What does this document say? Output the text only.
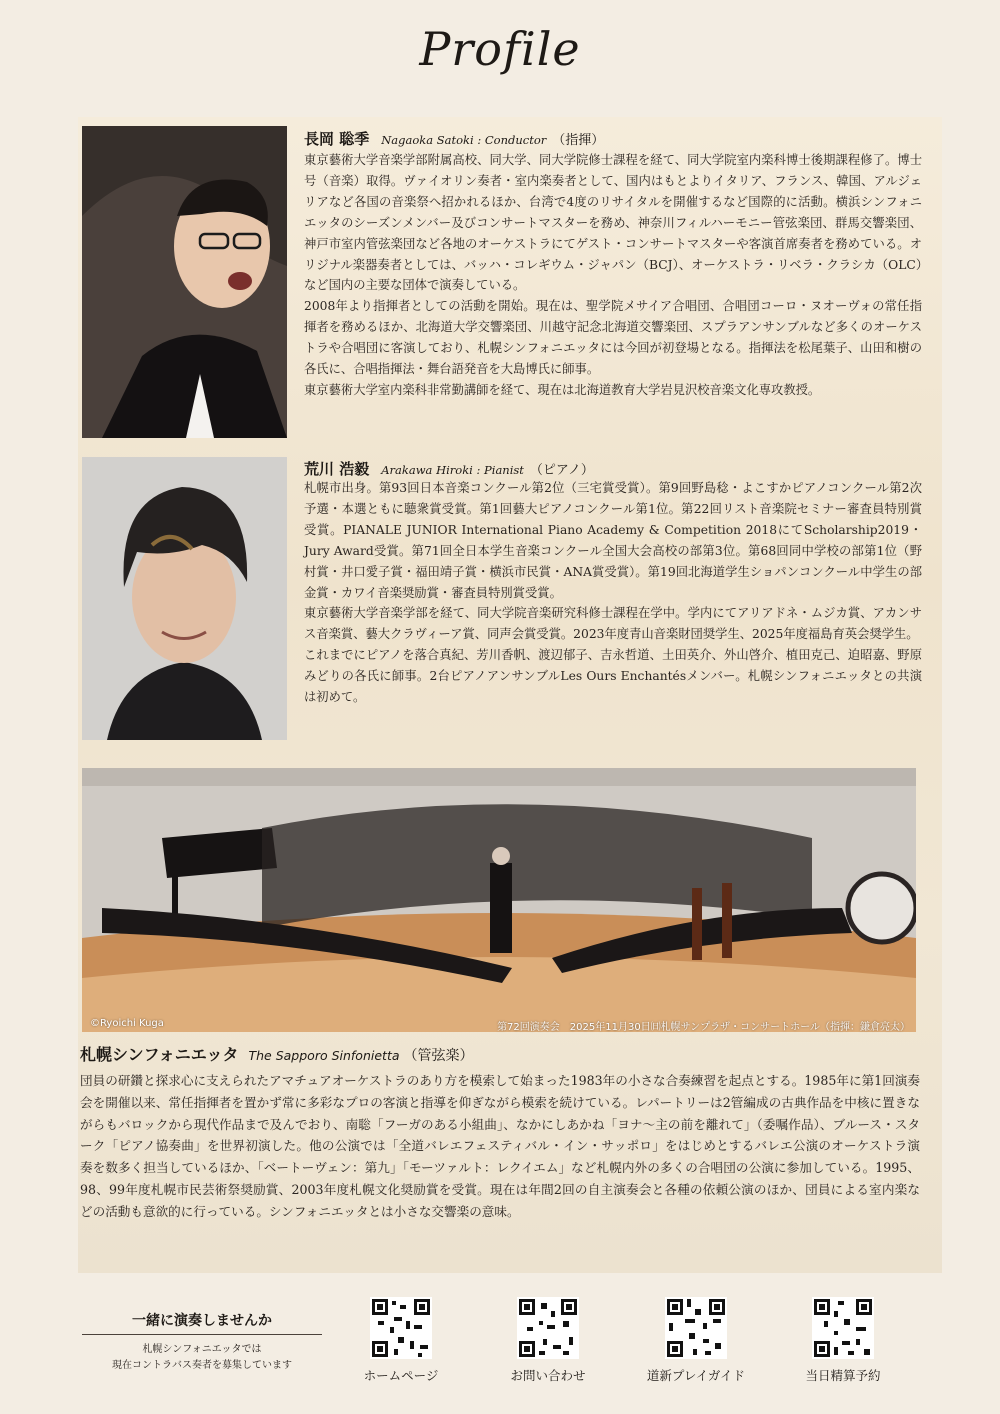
Profile
長岡 聡季 Nagaoka Satoki : Conductor （指揮）

東京藝術大学音楽学部附属高校、同大学、同大学院修士課程を経て、同大学院室内楽科博士後期課程修了。博士号（音楽）取得。ヴァイオリン奏者・室内楽奏者として、国内はもとよりイタリア、フランス、韓国、アルジェリアなど各国の音楽祭へ招かれるほか、台湾で4度のリサイタルを開催するなど国際的に活動。横浜シンフォニエッタのシーズンメンバー及びコンサートマスターを務め、神奈川フィルハーモニー管弦楽団、群馬交響楽団、神戸市室内管弦楽団など各地のオーケストラにてゲスト・コンサートマスターや客演首席奏者を務めている。オリジナル楽器奏者としては、バッハ・コレギウム・ジャパン（BCJ）、オーケストラ・リベラ・クラシカ（OLC）など国内の主要な団体で演奏している。

2008年より指揮者としての活動を開始。現在は、聖学院メサイア合唱団、合唱団コーロ・ヌオーヴォの常任指揮者を務めるほか、北海道大学交響楽団、川越守記念北海道交響楽団、スプラアンサンブルなど多くのオーケストラや合唱団に客演しており、札幌シンフォニエッタには今回が初登場となる。指揮法を松尾葉子、山田和樹の各氏に、合唱指揮法・舞台語発音を大島博氏に師事。

東京藝術大学室内楽科非常勤講師を経て、現在は北海道教育大学岩見沢校音楽文化専攻教授。

荒川 浩毅 Arakawa Hiroki : Pianist （ピアノ）

札幌市出身。第93回日本音楽コンクール第2位（三宅賞受賞）。第9回野島稔・よこすかピアノコンクール第2次予選・本選ともに聴衆賞受賞。第1回藝大ピアノコンクール第1位。第22回リスト音楽院セミナー審査員特別賞受賞。PIANALE JUNIOR International Piano Academy & Competition 2018にてScholarship2019・Jury Award受賞。第71回全日本学生音楽コンクール全国大会高校の部第3位。第68回同中学校の部第1位（野村賞・井口愛子賞・福田靖子賞・横浜市民賞・ANA賞受賞）。第19回北海道学生ショパンコンクール中学生の部金賞・カワイ音楽奨励賞・審査員特別賞受賞。

東京藝術大学音楽学部を経て、同大学院音楽研究科修士課程在学中。学内にてアリアドネ・ムジカ賞、アカンサス音楽賞、藝大クラヴィーア賞、同声会賞受賞。2023年度青山音楽財団奨学生、2025年度福島育英会奨学生。

これまでにピアノを落合真紀、芳川香帆、渡辺郁子、吉永哲道、土田英介、外山啓介、植田克己、迫昭嘉、野原みどりの各氏に師事。2台ピアノアンサンブルLes Ours Enchantésメンバー。札幌シンフォニエッタとの共演は初めて。

©Ryoichi Kuga	第72回演奏会　2025年11月30日㈰札幌サンプラザ・コンサートホール（指揮：鎌倉亮太）
札幌シンフォニエッタ The Sapporo Sinfonietta （管弦楽）
団員の研鑽と探求心に支えられたアマチュアオーケストラのあり方を模索して始まった1983年の小さな合奏練習を起点とする。1985年に第1回演奏会を開催以来、常任指揮者を置かず常に多彩なプロの客演と指導を仰ぎながら模索を続けている。レパートリーは2管編成の古典作品を中核に置きながらもバロックから現代作品まで及んでおり、南聡「フーガのある小組曲」、なかにしあかね「ヨナ～主の前を離れて」（委嘱作品）、ブルース・スターク「ピアノ協奏曲」を世界初演した。他の公演では「全道バレエフェスティバル・イン・サッポロ」をはじめとするバレエ公演のオーケストラ演奏を数多く担当しているほか、「ベートーヴェン：第九」「モーツァルト：レクイエム」など札幌内外の多くの合唱団の公演に参加している。1995、98、99年度札幌市民芸術祭奨励賞、2003年度札幌文化奨励賞を受賞。現在は年間2回の自主演奏会と各種の依頼公演のほか、団員による室内楽などの活動も意欲的に行っている。シンフォニエッタとは小さな交響楽の意味。
一緒に演奏しませんか
札幌シンフォニエッタでは
現在コントラバス奏者を募集しています
ホームページ	お問い合わせ	道新プレイガイド	当日精算予約
